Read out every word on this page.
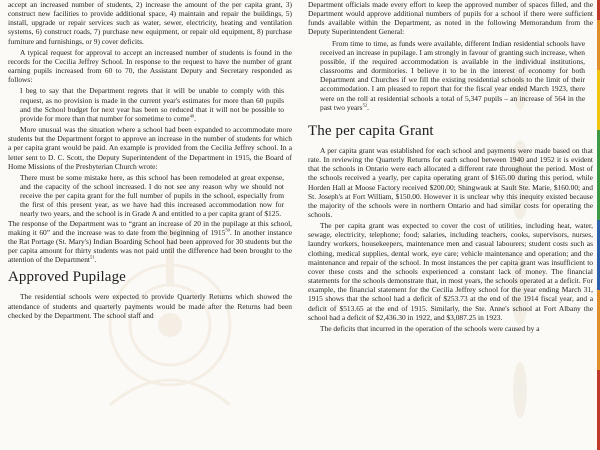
accept an increased number of students, 2) increase the amount of the per capita grant, 3) construct new facilities to provide additional space, 4) maintain and repair the buildings, 5) install, upgrade or repair services such as water, sewer, electricity, heating and ventilation systems, 6) construct roads, 7) purchase new equipment, or repair old equipment, 8) purchase furniture and furnishings, or 9) cover deficits.

A typical request for approval to accept an increased number of students is found in the records for the Cecilia Jeffrey School. In response to the request to have the number of grant earning pupils increased from 60 to 70, the Assistant Deputy and Secretary responded as follows:

I beg to say that the Department regrets that it will be unable to comply with this request, as no provision is made in the current year's estimates for more than 60 pupils and the School budget for next year has been so reduced that it will not be possible to provide for more than that number for sometime to come$^{49}$.

More unusual was the situation where a school had been expanded to accommodate more students but the Department forgot to approve an increase in the number of students for which a per capita grant would be paid. An example is provided from the Cecilia Jeffrey school. In a letter sent to D. C. Scott, the Deputy Superintendent of the Department in 1915, the Board of Home Missions of the Presbyterian Church wrote:

There must be some mistake here, as this school has been remodeled at great expense, and the capacity of the school increased. I do not see any reason why we should not receive the per capita grant for the full number of pupils in the school, especially from the first of this present year, as we have had this increased accommodation now for nearly two years, and the school is in Grade A and entitled to a per capita grant of $125.

The response of the Department was to “grant an increase of 20 in the pupilage at this school, making it 60” and the increase was to date from the beginning of 1915$^{50}$. In another instance the Rat Portage (St. Mary's) Indian Boarding School had been approved for 30 students but the per capita amount for thirty students was not paid until the difference had been brought to the attention of the Department$^{51}$.

Approved Pupilage

The residential schools were expected to provide Quarterly Returns which showed the attendance of students and quarterly payments would be made after the Returns had been checked by the Department. The school staff and

Department officials made every effort to keep the approved number of spaces filled, and the Department would approve additional numbers of pupils for a school if there were sufficient funds available within the Department, as noted in the following Memorandum from the Deputy Superintendent General:

From time to time, as funds were available, different Indian residential schools have received an increase in pupilage. I am strongly in favour of granting such increase, when possible, if the required accommodation is available in the individual institutions, classrooms and dormitories. I believe it to be in the interest of economy for both Department and Churches if we fill the existing residential schools to the limit of their accommodation. I am pleased to report that for the fiscal year ended March 1923, there were on the roll at residential schools a total of 5,347 pupils – an increase of 564 in the past two years$^{52}$.

The per capita Grant

A per capita grant was established for each school and payments were made based on that rate. In reviewing the Quarterly Returns for each school between 1940 and 1952 it is evident that the schools in Ontario were each allocated a different rate throughout the period. Most of the schools received a yearly, per capita operating grant of $165.00 during this period, while Horden Hall at Moose Factory received $200.00; Shingwauk at Sault Ste. Marie, $160.00; and St. Joseph's at Fort William, $150.00. However it is unclear why this inequity existed because the majority of the schools were in northern Ontario and had similar costs for operating the schools.

The per capita grant was expected to cover the cost of utilities, including heat, water, sewage, electricity, telephone; food; salaries, including teachers, cooks, supervisors, nurses, laundry workers, housekeepers, maintenance men and casual labourers; student costs such as clothing, medical supplies, dental work, eye care; vehicle maintenance and operation; and the maintenance and repair of the school. In most instances the per capita grant was insufficient to cover these costs and the schools experienced a constant lack of money. The financial statements for the schools demonstrate that, in most years, the schools operated at a deficit. For example, the financial statement for the Cecilia Jeffrey school for the year ending March 31, 1915 shows that the school had a deficit of $253.73 at the end of the 1914 fiscal year, and a deficit of $513.65 at the end of 1915. Similarly, the Ste. Anne's school at Fort Albany the school had a deficit of $2,436.30 in 1922, and $3,087.25 in 1923.

The deficits that incurred in the operation of the schools were caused by a
